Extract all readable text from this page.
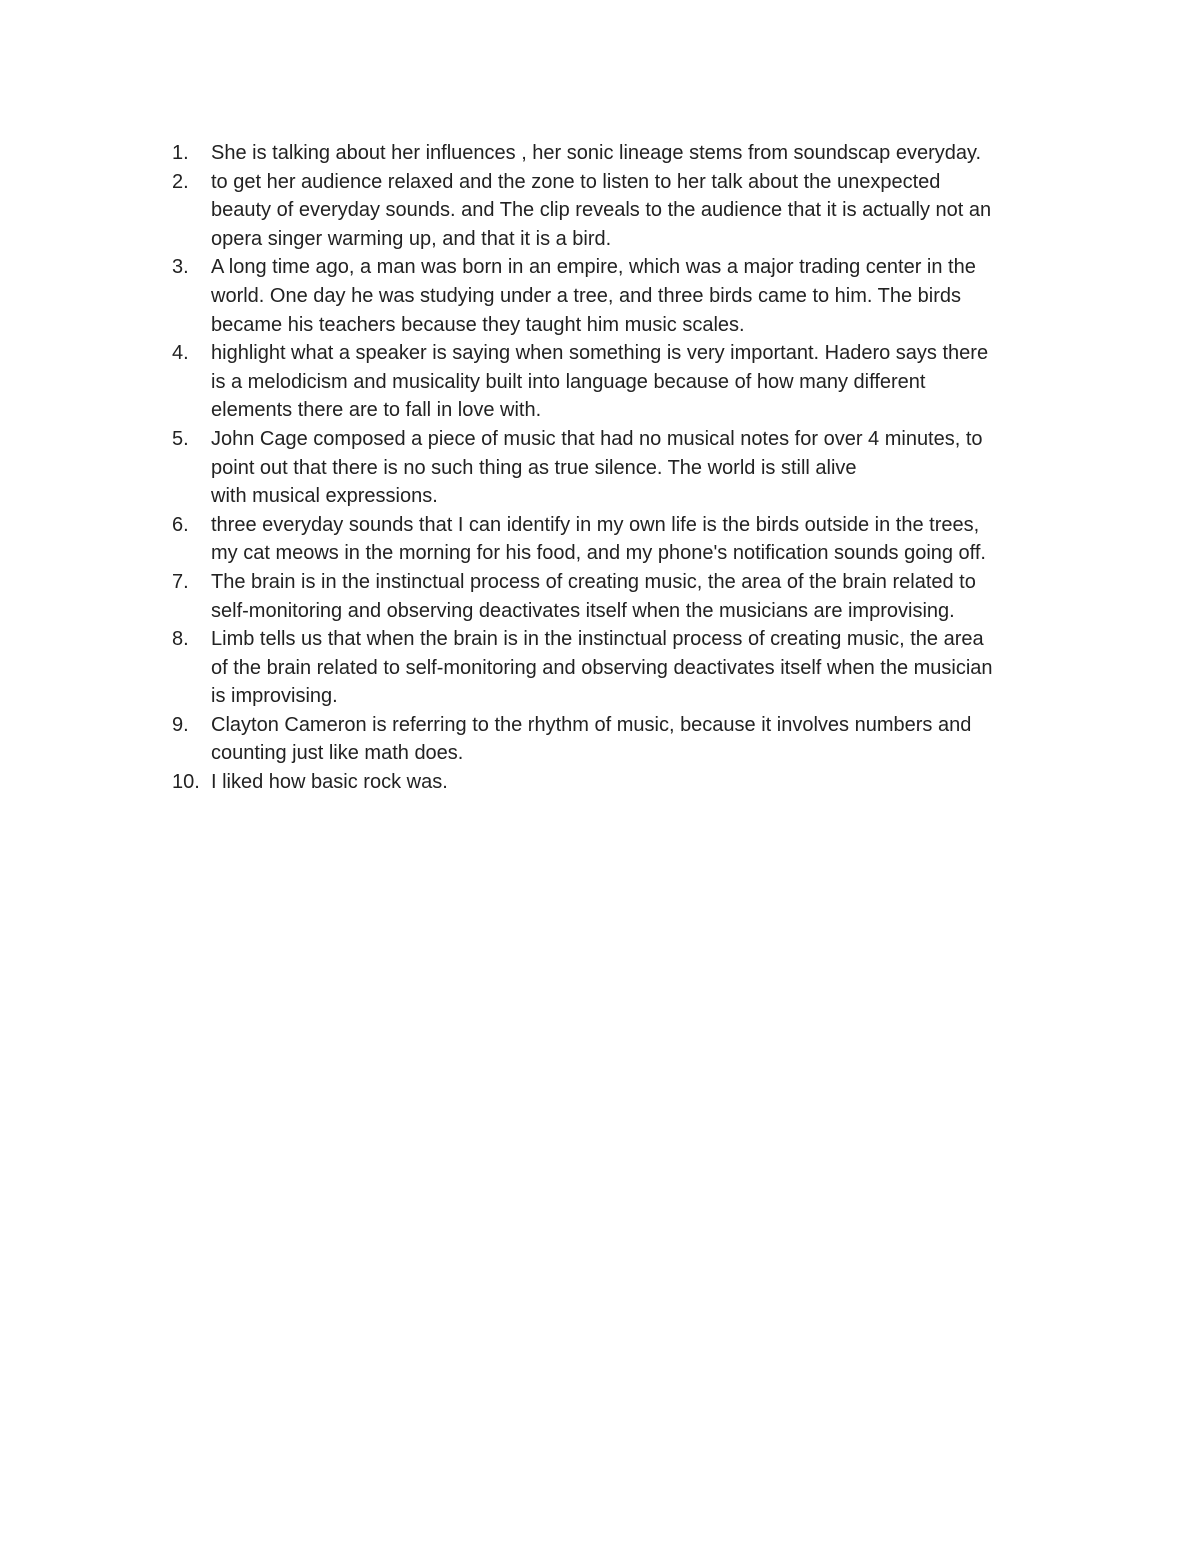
1.	She is talking about her influences , her sonic lineage stems from soundscap everyday.
2.	to get her audience relaxed and the zone to listen to her talk about the unexpected
beauty of everyday sounds. and The clip reveals to the audience that it is actually not an
opera singer warming up, and that it is a bird.
3.	A long time ago, a man was born in an empire, which was a major trading center in the
world. One day he was studying under a tree, and three birds came to him. The birds
became his teachers because they taught him music scales.
4.	highlight what a speaker is saying when something is very important. Hadero says there
is a melodicism and musicality built into language because of how many different
elements there are to fall in love with.
5.	John Cage composed a piece of music that had no musical notes for over 4 minutes, to
point out that there is no such thing as true silence. The world is still alive
with musical expressions.
6.	three everyday sounds that I can identify in my own life is the birds outside in the trees,
my cat meows in the morning for his food, and my phone's notification sounds going off.
7.	The brain is in the instinctual process of creating music, the area of the brain related to
self-monitoring and observing deactivates itself when the musicians are improvising.
8.	Limb tells us that when the brain is in the instinctual process of creating music, the area
of the brain related to self-monitoring and observing deactivates itself when the musician
is improvising.
9.	Clayton Cameron is referring to the rhythm of music, because it involves numbers and
counting just like math does.
10. I liked how basic rock was.
